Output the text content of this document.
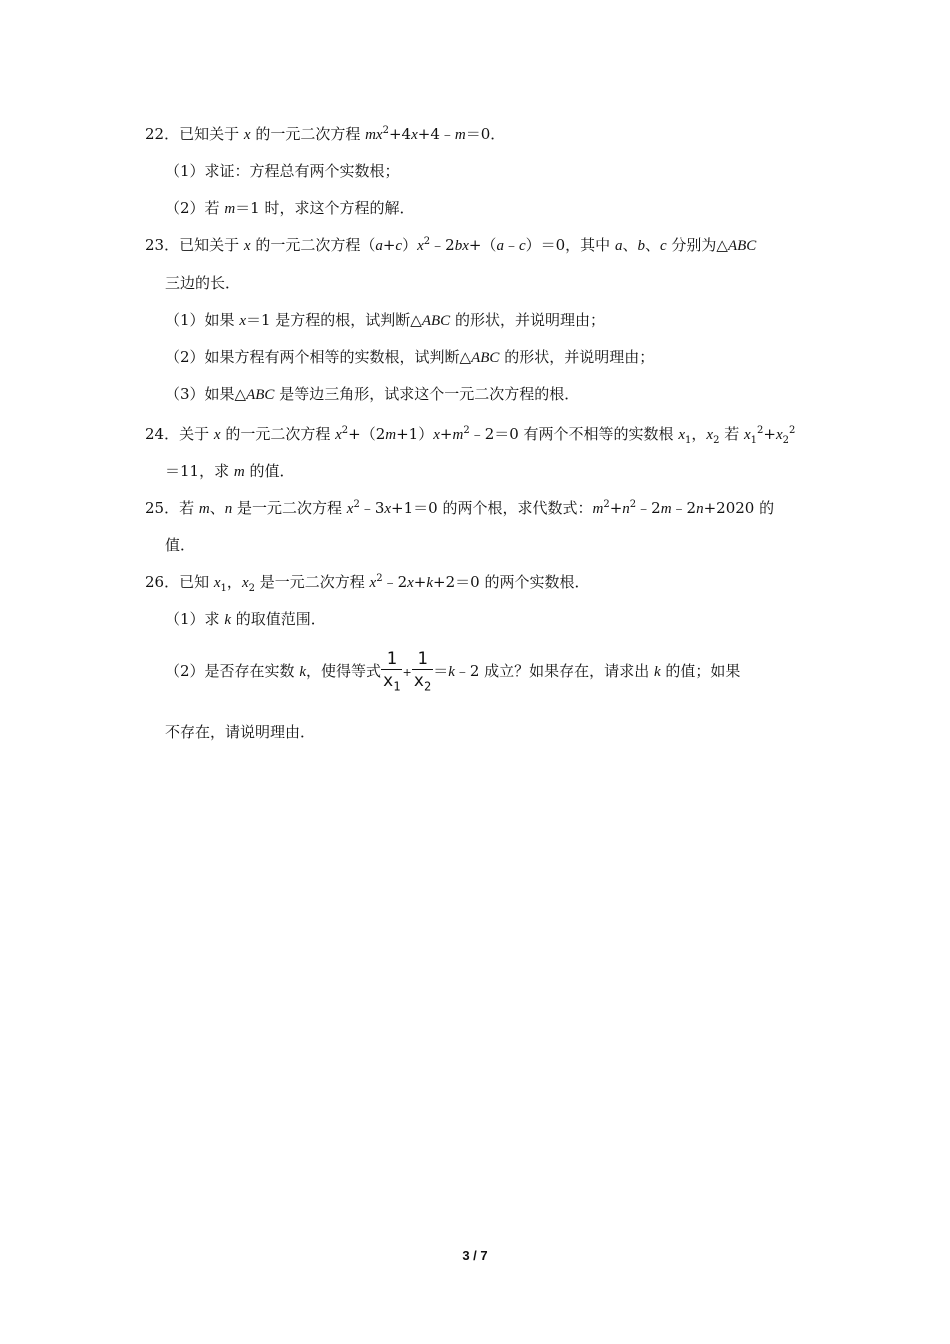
22．已知关于 x 的一元二次方程 $mx^2+4x+4﹣m=0$．
（1）求证：方程总有两个实数根；
（2）若 m＝1 时，求这个方程的解．
23．已知关于 x 的一元二次方程$(a+c)x^2﹣2bx+(a﹣c)=0$，其中 a、b、c 分别为△ABC
三边的长．
（1）如果 x＝1 是方程的根，试判断△ABC 的形状，并说明理由；
（2）如果方程有两个相等的实数根，试判断△ABC 的形状，并说明理由；
（3）如果△ABC 是等边三角形，试求这个一元二次方程的根．
24．关于 x 的一元二次方程 $x^2+(2m+1)x+m^2﹣2=0$ 有两个不相等的实数根 $x_1$，$x_2$ 若 $x_1^2+x_2^2$
＝11，求 m 的值．
25．若 m、n 是一元二次方程 $x^2﹣3x+1=0$ 的两个根，求代数式：$m^2+n^2﹣2m﹣2n+2020$ 的
值．
26．已知 $x_1$，$x_2$ 是一元二次方程 $x^2﹣2x+k+2=0$ 的两个实数根．
（1）求 k 的取值范围．
（2）是否存在实数 k，使得等式 $\frac{1}{x_1} + \frac{1}{x_2}$ ＝k﹣2 成立？如果存在，请求出 k 的值；如果
不存在，请说明理由．
3 / 7
